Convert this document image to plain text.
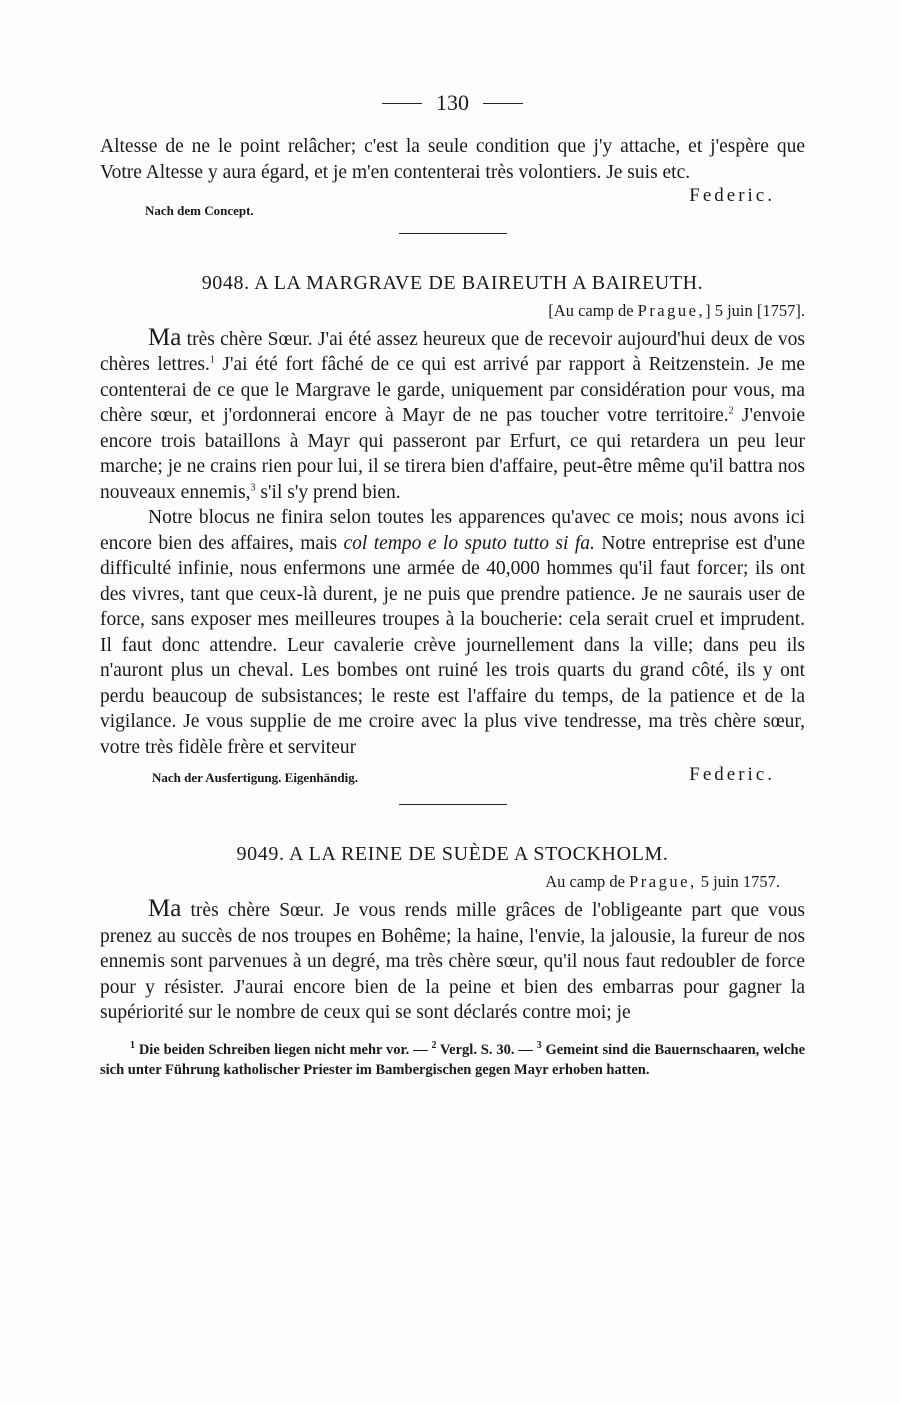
130

Altesse de ne le point relâcher; c'est la seule condition que j'y attache, et j'espère que Votre Altesse y aura égard, et je m'en contenterai très volontiers. Je suis etc.

Federic.

Nach dem Concept.
9048. A LA MARGRAVE DE BAIREUTH A BAIREUTH.
[Au camp de Prague,] 5 juin [1757].

Ma très chère Sœur. J'ai été assez heureux que de recevoir aujourd'hui deux de vos chères lettres.$^1$ J'ai été fort fâché de ce qui est arrivé par rapport à Reitzenstein. Je me contenterai de ce que le Margrave le garde, uniquement par considération pour vous, ma chère sœur, et j'ordonnerai encore à Mayr de ne pas toucher votre territoire.$^2$ J'envoie encore trois bataillons à Mayr qui passeront par Erfurt, ce qui retardera un peu leur marche; je ne crains rien pour lui, il se tirera bien d'affaire, peut-être même qu'il battra nos nouveaux ennemis,$^3$ s'il s'y prend bien.

Notre blocus ne finira selon toutes les apparences qu'avec ce mois; nous avons ici encore bien des affaires, mais col tempo e lo sputo tutto si fa. Notre entreprise est d'une difficulté infinie, nous enfermons une armée de 40,000 hommes qu'il faut forcer; ils ont des vivres, tant que ceux-là durent, je ne puis que prendre patience. Je ne saurais user de force, sans exposer mes meilleures troupes à la boucherie: cela serait cruel et imprudent. Il faut donc attendre. Leur cavalerie crève journellement dans la ville; dans peu ils n'auront plus un cheval. Les bombes ont ruiné les trois quarts du grand côté, ils y ont perdu beaucoup de subsistances; le reste est l'affaire du temps, de la patience et de la vigilance. Je vous supplie de me croire avec la plus vive tendresse, ma très chère sœur, votre très fidèle frère et serviteur

Nach der Ausfertigung. Eigenhändig.	Federic.
9049. A LA REINE DE SUÈDE A STOCKHOLM.
Au camp de Prague, 5 juin 1757.

Ma très chère Sœur. Je vous rends mille grâces de l'obligeante part que vous prenez au succès de nos troupes en Bohême; la haine, l'envie, la jalousie, la fureur de nos ennemis sont parvenues à un degré, ma très chère sœur, qu'il nous faut redoubler de force pour y résister. J'aurai encore bien de la peine et bien des embarras pour gagner la supériorité sur le nombre de ceux qui se sont déclarés contre moi; je

$^1$ Die beiden Schreiben liegen nicht mehr vor. — $^2$ Vergl. S. 30. — $^3$ Gemeint sind die Bauernschaaren, welche sich unter Führung katholischer Priester im Bambergischen gegen Mayr erhoben hatten.
